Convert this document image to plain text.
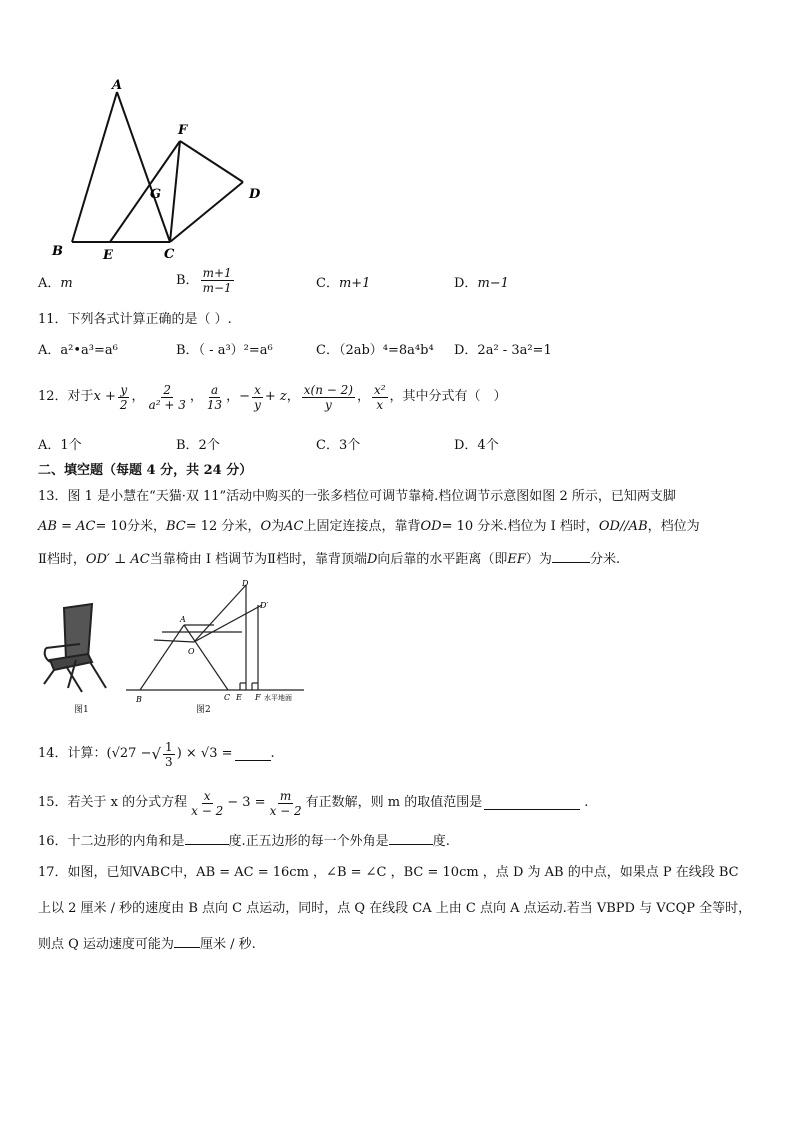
A
B	C
D
E
F
G
A．m	B． $\frac{m+1}{m-1}$	C．m+1	D．m−1
11．下列各式计算正确的是（ ）.
A．a²•a³=a⁶	B．（ - a³）²=a⁶	C．（2ab）⁴=8a⁴b⁴ D．2a² - 3a²=1
12．对于 $x + \frac{y}{2}$ ， $\frac{2}{\text{a² + 3}}$ ， $\frac{a}{13}$ ， − $\frac{x}{y} + z$ ， $\frac{x(n - 2)}{y}$ ， $\frac{\text{x²}}{x}$ ，其中分式有（　）
A．1个	B．2个	C．3个	D．4个
二、填空题（每题 4 分，共 24 分）
13．图 1 是小慧在“天猫·双 11”活动中购买的一张多档位可调节靠椅.档位调节示意图如图 2 所示，已知两支脚
AB = AC= 10分米，BC= 12 分米，O为AC上固定连接点，靠背OD= 10 分米.档位为 Ⅰ 档时，OD//AB，档位为
Ⅱ档时，OD′ ⊥ AC当靠椅由 Ⅰ 档调节为Ⅱ档时，靠背顶端D向后靠的水平距离（即EF）为	分米.
图1
A
B	C E F
O
D
D′
水平地面
图2
14．计算： (√27 − √ $\frac{1}{3}$ ) × √3 =	.
15．若关于 x 的分式方程 $\frac{x}{x - 2} - 3 = \frac{m}{x - 2}$ 有正数解，则 m 的取值范围是	.
16．十二边形的内角和是	度.正五边形的每一个外角是	度.
17．如图，已知VABC中，AB = AC = 16cm ，∠B = ∠C ，BC = 10cm ，点 D 为 AB 的中点，如果点 P 在线段 BC
上以 2 厘米 / 秒的速度由 B 点向 C 点运动，同时，点 Q 在线段 CA 上由 C 点向 A 点运动.若当 VBPD 与 VCQP 全等时，
则点 Q 运动速度可能为 厘米 / 秒.
